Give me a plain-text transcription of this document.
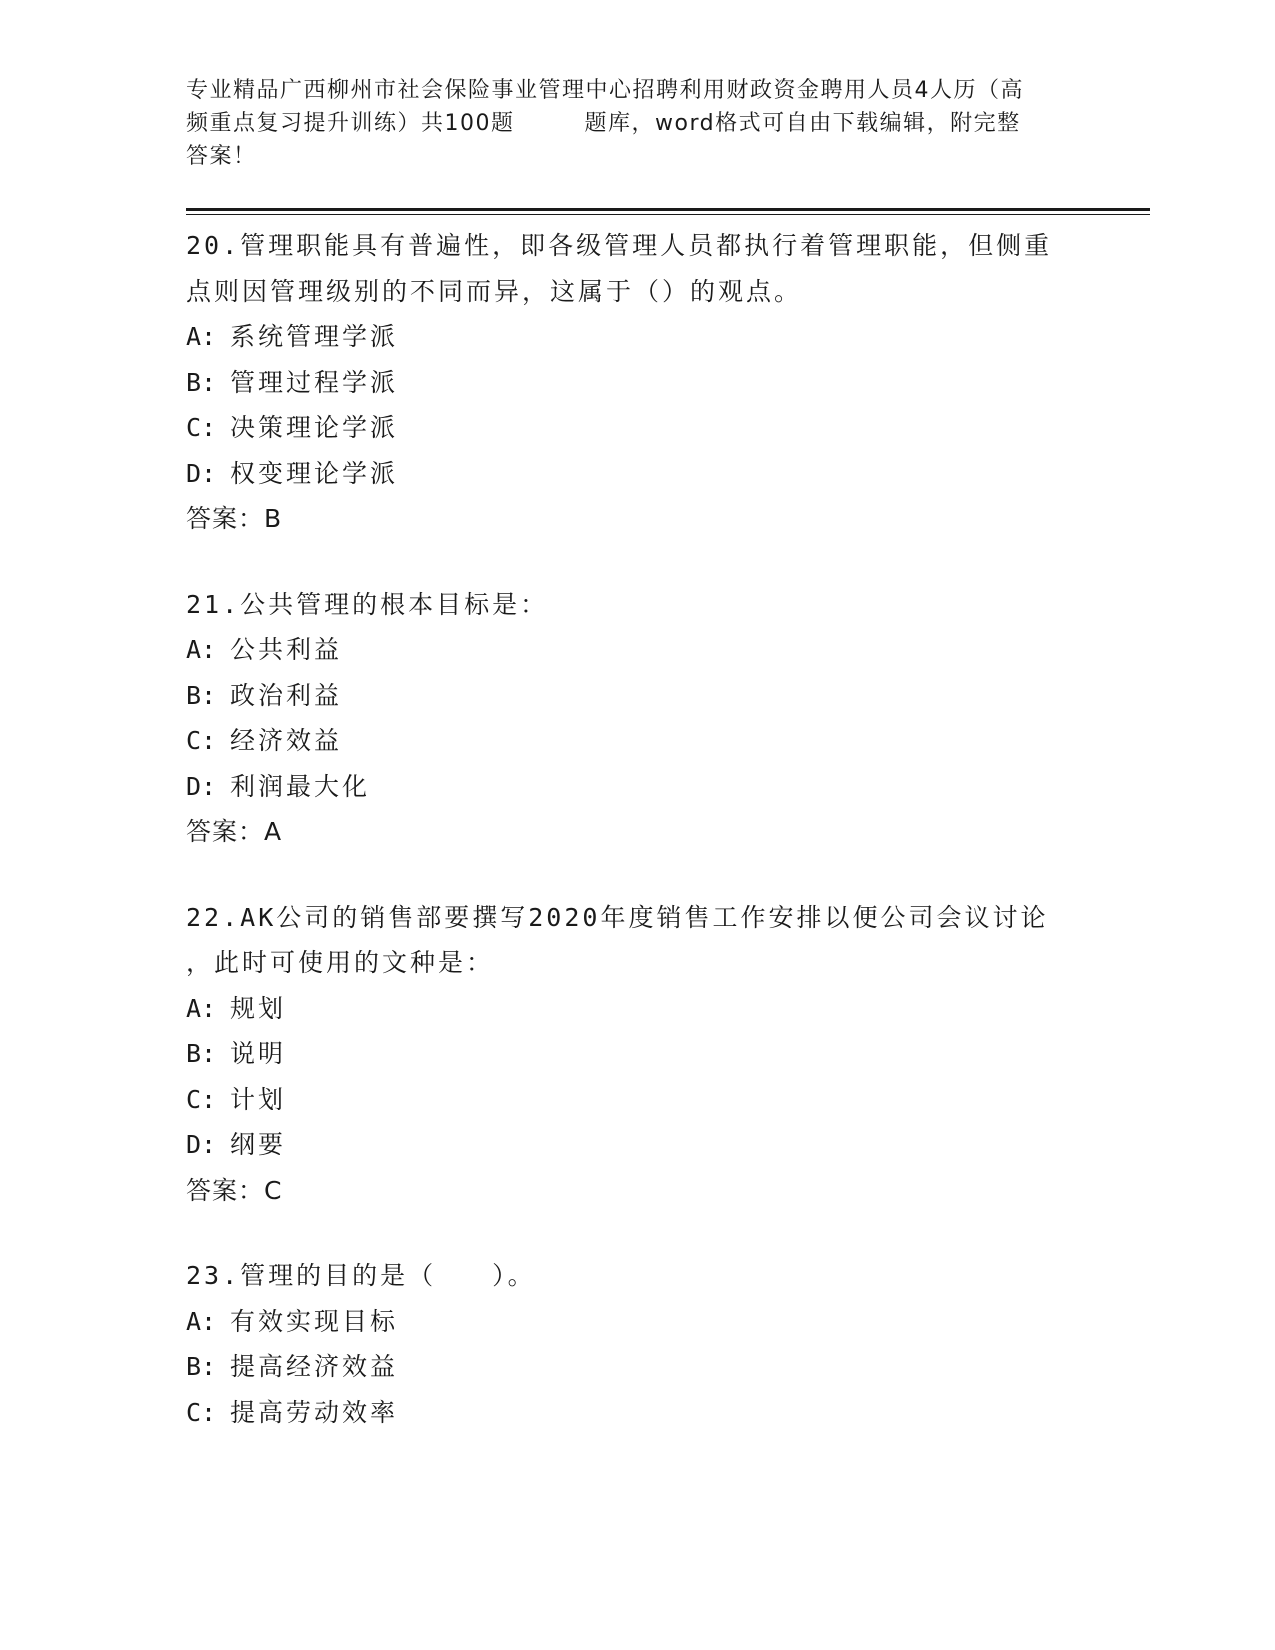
专业精品广西柳州市社会保险事业管理中心招聘利用财政资金聘用人员4人历（高
频重点复习提升训练）共100题	题库，word格式可自由下载编辑，附完整
答案！

20.管理职能具有普遍性，即各级管理人员都执行着管理职能，但侧重

点则因管理级别的不同而异，这属于（）的观点。

A: 系统管理学派

B: 管理过程学派

C: 决策理论学派

D: 权变理论学派

答案：B

21.公共管理的根本目标是：

A: 公共利益

B: 政治利益

C: 经济效益

D: 利润最大化

答案：A

22.AK公司的销售部要撰写2020年度销售工作安排以便公司会议讨论

，此时可使用的文种是：

A: 规划

B: 说明

C: 计划

D: 纲要

答案：C

23.管理的目的是（　　）。

A: 有效实现目标

B: 提高经济效益

C: 提高劳动效率
